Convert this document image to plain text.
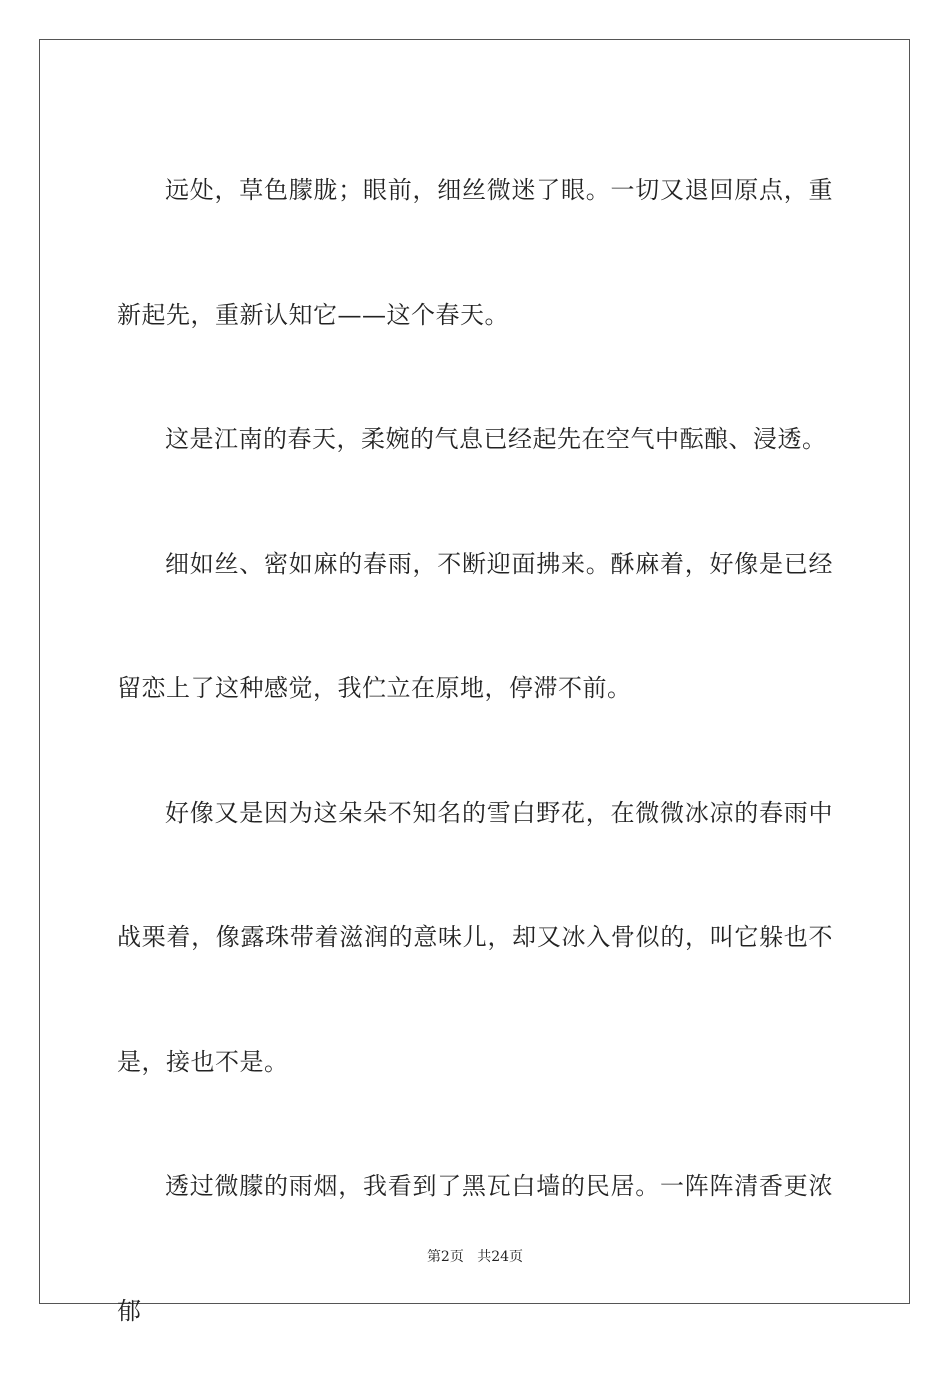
远处，草色朦胧；眼前，细丝微迷了眼。一切又退回原点，重新起先，重新认知它——这个春天。

这是江南的春天，柔婉的气息已经起先在空气中酝酿、浸透。

细如丝、密如麻的春雨，不断迎面拂来。酥麻着，好像是已经留恋上了这种感觉，我伫立在原地，停滞不前。

好像又是因为这朵朵不知名的雪白野花，在微微冰凉的春雨中战栗着，像露珠带着滋润的意味儿，却又冰入骨似的，叫它躲也不是，接也不是。

透过微朦的雨烟，我看到了黑瓦白墙的民居。一阵阵清香更浓郁

第2页 共24页
